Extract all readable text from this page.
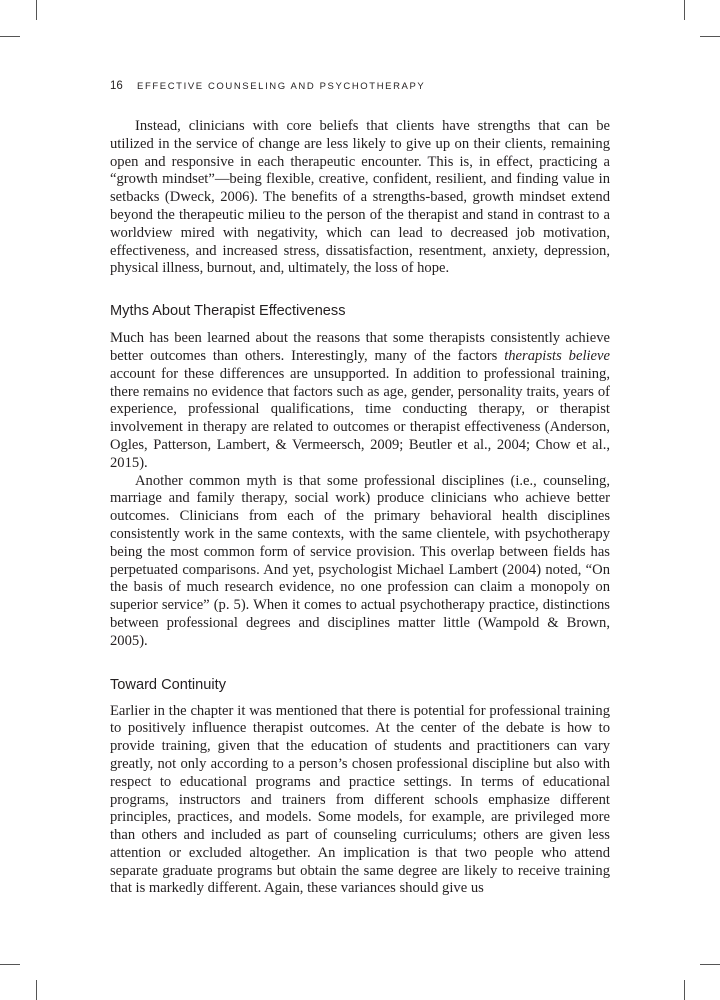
16 EFFECTIVE COUNSELING AND PSYCHOTHERAPY

Instead, clinicians with core beliefs that clients have strengths that can be utilized in the service of change are less likely to give up on their clients, remaining open and responsive in each therapeutic encounter. This is, in effect, practicing a “growth mindset”—being flexible, creative, confident, resilient, and finding value in setbacks (Dweck, 2006). The benefits of a strengths-based, growth mindset extend beyond the therapeutic milieu to the person of the therapist and stand in contrast to a worldview mired with negativity, which can lead to decreased job motivation, effectiveness, and increased stress, dissatisfaction, resentment, anxiety, depression, physical illness, burnout, and, ultimately, the loss of hope.

Myths About Therapist Effectiveness

Much has been learned about the reasons that some therapists consistently achieve better outcomes than others. Interestingly, many of the factors therapists believe account for these differences are unsupported. In addition to professional training, there remains no evidence that factors such as age, gender, personality traits, years of experience, professional qualifications, time conducting therapy, or therapist involvement in therapy are related to outcomes or therapist effectiveness (Anderson, Ogles, Patterson, Lambert, & Vermeersch, 2009; Beutler et al., 2004; Chow et al., 2015).

Another common myth is that some professional disciplines (i.e., counseling, marriage and family therapy, social work) produce clinicians who achieve better outcomes. Clinicians from each of the primary behavioral health disciplines consistently work in the same contexts, with the same clientele, with psychotherapy being the most common form of service provision. This overlap between fields has perpetuated comparisons. And yet, psychologist Michael Lambert (2004) noted, “On the basis of much research evidence, no one profession can claim a monopoly on superior service” (p. 5). When it comes to actual psychotherapy practice, distinctions between professional degrees and disciplines matter little (Wampold & Brown, 2005).

Toward Continuity

Earlier in the chapter it was mentioned that there is potential for professional training to positively influence therapist outcomes. At the center of the debate is how to provide training, given that the education of students and practitioners can vary greatly, not only according to a person’s chosen professional discipline but also with respect to educational programs and practice settings. In terms of educational programs, instructors and trainers from different schools emphasize different principles, practices, and models. Some models, for example, are privileged more than others and included as part of counseling curriculums; others are given less attention or excluded altogether. An implication is that two people who attend separate graduate programs but obtain the same degree are likely to receive training that is markedly different. Again, these variances should give us
